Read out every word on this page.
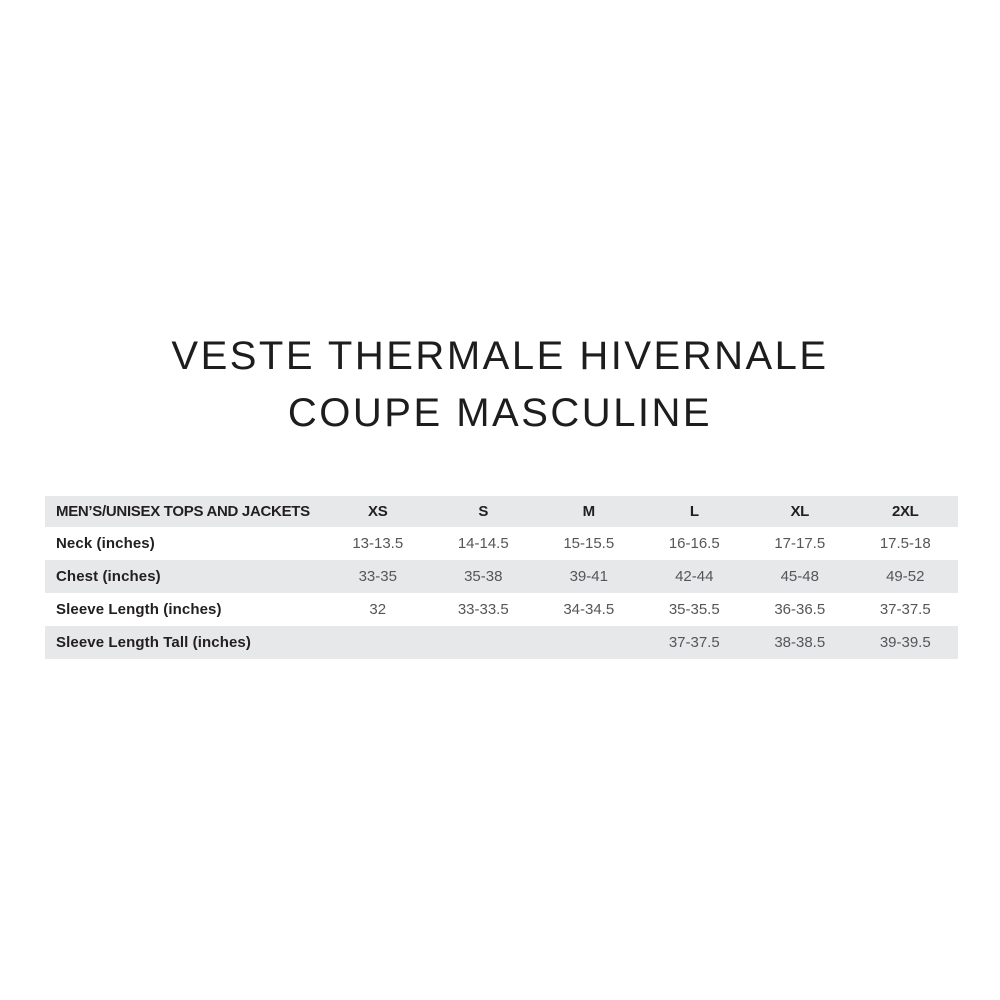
VESTE THERMALE HIVERNALE
COUPE MASCULINE
MEN’S/UNISEX TOPS AND JACKETS	XS	S	M	L	XL	2XL
Neck (inches)	13-13.5	14-14.5	15-15.5	16-16.5	17-17.5	17.5-18
Chest (inches)	33-35	35-38	39-41	42-44	45-48	49-52
Sleeve Length (inches)	32	33-33.5	34-34.5	35-35.5	36-36.5	37-37.5
Sleeve Length Tall (inches)				37-37.5	38-38.5	39-39.5
